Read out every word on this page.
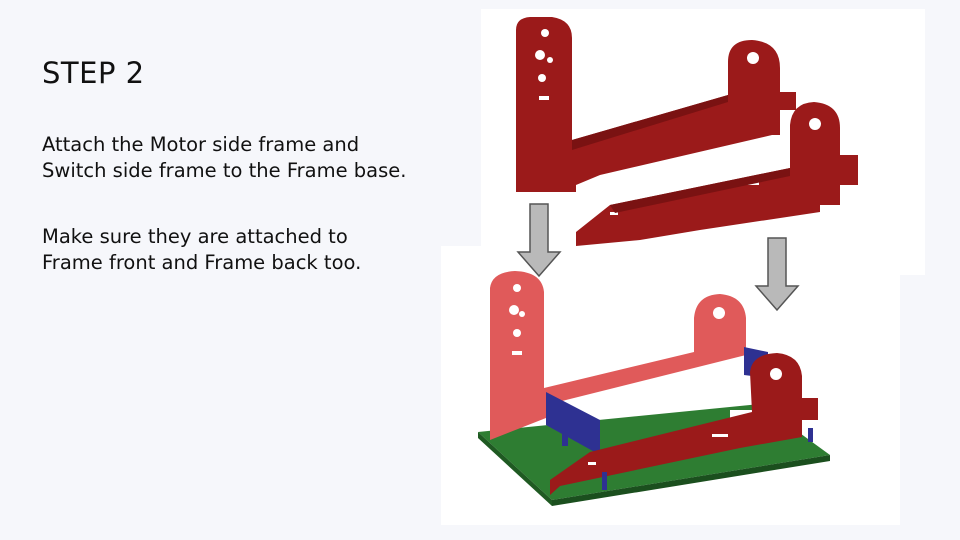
STEP 2

Attach the Motor side frame and
Switch side frame to the Frame base.

Make sure they are attached to
Frame front and Frame back too.
